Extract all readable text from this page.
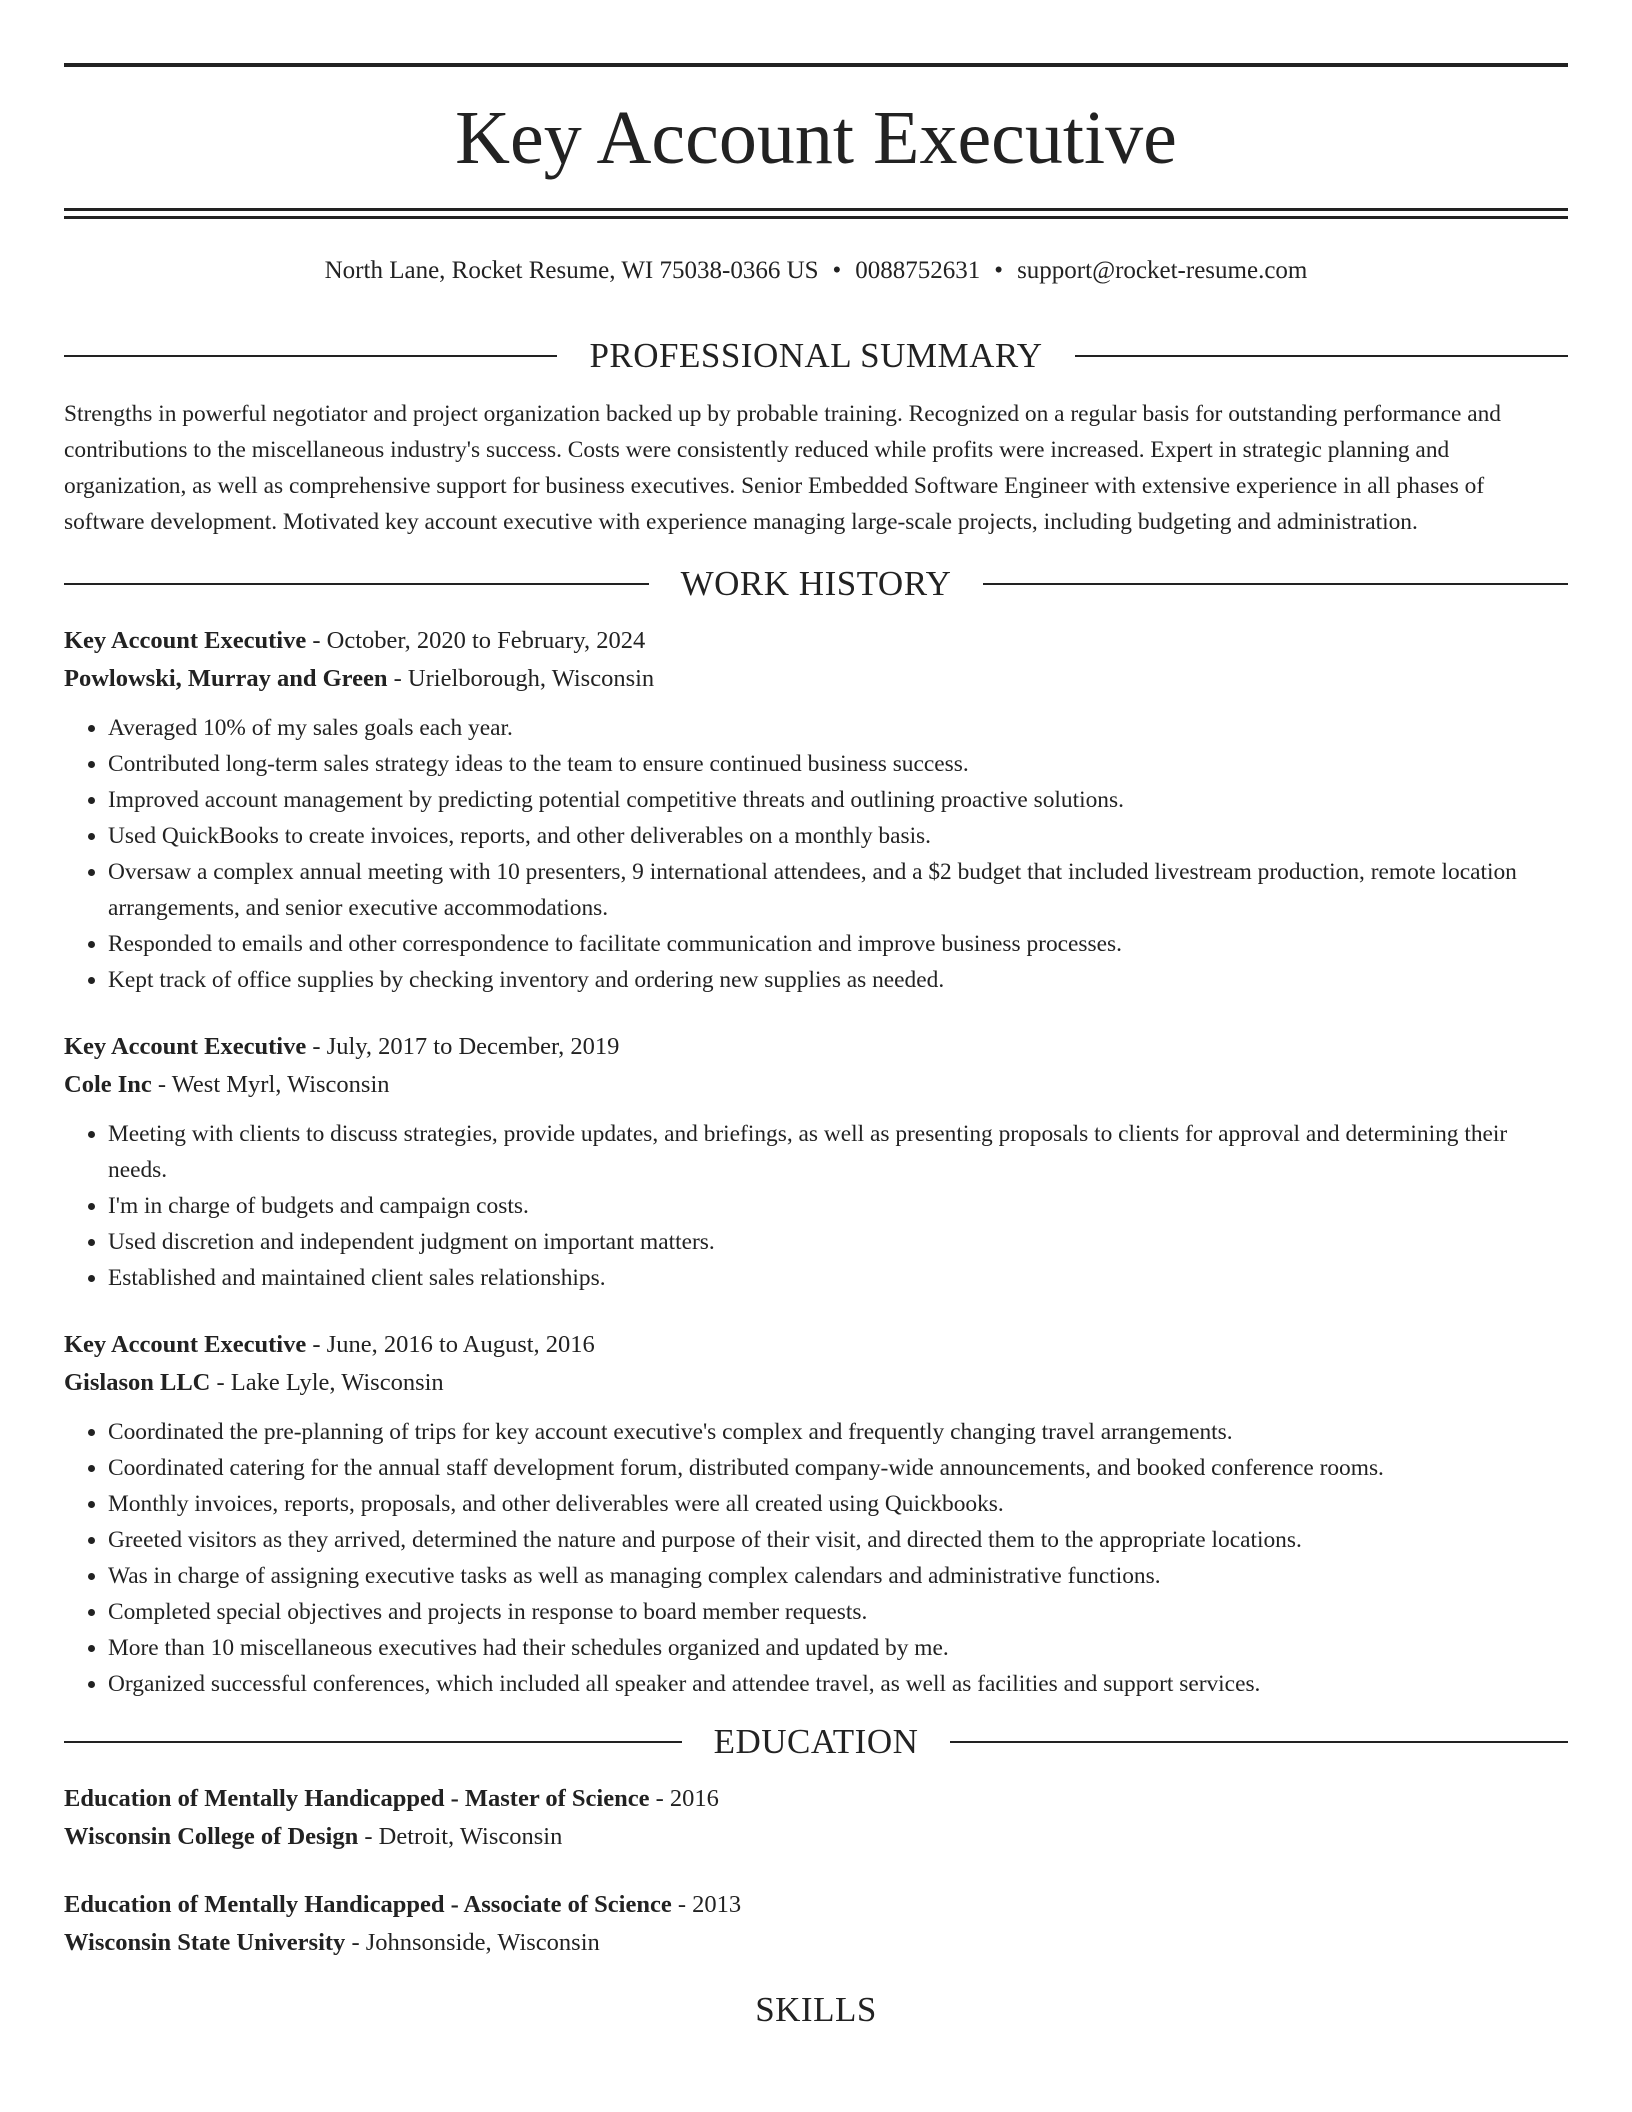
Key Account Executive
North Lane, Rocket Resume, WI 75038-0366 US • 0088752631 • support@rocket-resume.com
PROFESSIONAL SUMMARY

Strengths in powerful negotiator and project organization backed up by probable training. Recognized on a regular basis for outstanding performance and contributions to the miscellaneous industry's success. Costs were consistently reduced while profits were increased. Expert in strategic planning and organization, as well as comprehensive support for business executives. Senior Embedded Software Engineer with extensive experience in all phases of software development. Motivated key account executive with experience managing large-scale projects, including budgeting and administration.

WORK HISTORY
Key Account Executive - October, 2020 to February, 2024
Powlowski, Murray and Green - Urielborough, Wisconsin
• Averaged 10% of my sales goals each year.
• Contributed long-term sales strategy ideas to the team to ensure continued business success.
• Improved account management by predicting potential competitive threats and outlining proactive solutions.
• Used QuickBooks to create invoices, reports, and other deliverables on a monthly basis.
• Oversaw a complex annual meeting with 10 presenters, 9 international attendees, and a $2 budget that included livestream production, remote location arrangements, and senior executive accommodations.
• Responded to emails and other correspondence to facilitate communication and improve business processes.
• Kept track of office supplies by checking inventory and ordering new supplies as needed.
Key Account Executive - July, 2017 to December, 2019
Cole Inc - West Myrl, Wisconsin
• Meeting with clients to discuss strategies, provide updates, and briefings, as well as presenting proposals to clients for approval and determining their needs.
• I'm in charge of budgets and campaign costs.
• Used discretion and independent judgment on important matters.
• Established and maintained client sales relationships.
Key Account Executive - June, 2016 to August, 2016
Gislason LLC - Lake Lyle, Wisconsin
• Coordinated the pre-planning of trips for key account executive's complex and frequently changing travel arrangements.
• Coordinated catering for the annual staff development forum, distributed company-wide announcements, and booked conference rooms.
• Monthly invoices, reports, proposals, and other deliverables were all created using Quickbooks.
• Greeted visitors as they arrived, determined the nature and purpose of their visit, and directed them to the appropriate locations.
• Was in charge of assigning executive tasks as well as managing complex calendars and administrative functions.
• Completed special objectives and projects in response to board member requests.
• More than 10 miscellaneous executives had their schedules organized and updated by me.
• Organized successful conferences, which included all speaker and attendee travel, as well as facilities and support services.
EDUCATION
Education of Mentally Handicapped - Master of Science - 2016
Wisconsin College of Design - Detroit, Wisconsin
Education of Mentally Handicapped - Associate of Science - 2013
Wisconsin State University - Johnsonside, Wisconsin
SKILLS
